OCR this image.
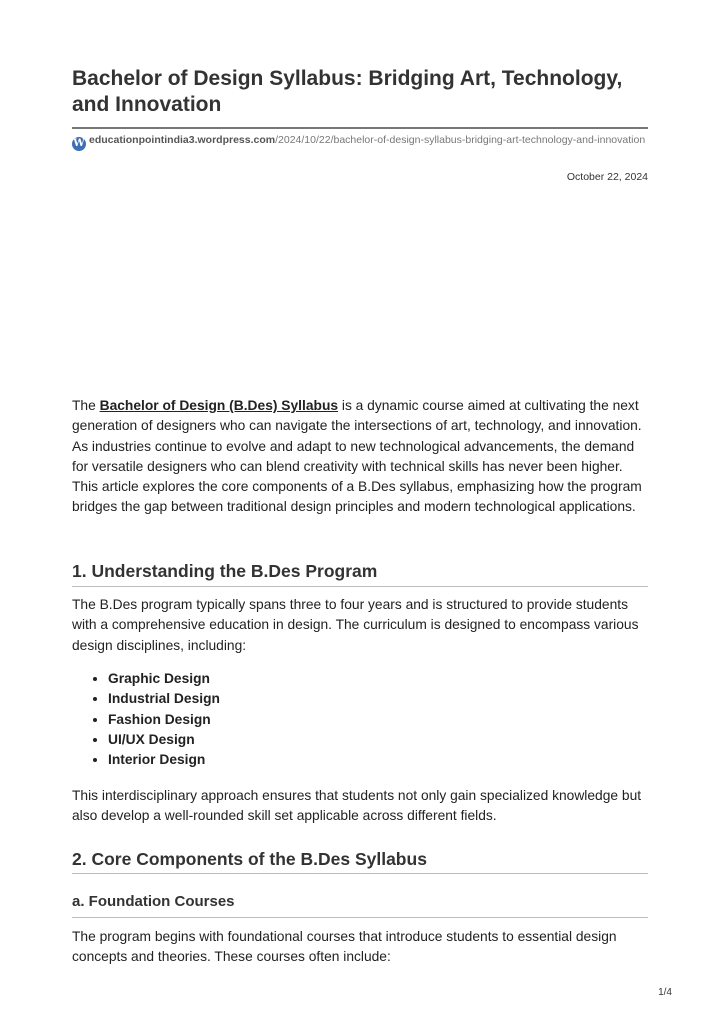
Bachelor of Design Syllabus: Bridging Art, Technology, and Innovation
W educationpointindia3.wordpress.com/2024/10/22/bachelor-of-design-syllabus-bridging-art-technology-and-innovation
October 22, 2024

The Bachelor of Design (B.Des) Syllabus is a dynamic course aimed at cultivating the next generation of designers who can navigate the intersections of art, technology, and innovation. As industries continue to evolve and adapt to new technological advancements, the demand for versatile designers who can blend creativity with technical skills has never been higher. This article explores the core components of a B.Des syllabus, emphasizing how the program bridges the gap between traditional design principles and modern technological applications.

1. Understanding the B.Des Program

The B.Des program typically spans three to four years and is structured to provide students with a comprehensive education in design. The curriculum is designed to encompass various design disciplines, including:

• Graphic Design
• Industrial Design
• Fashion Design
• UI/UX Design
• Interior Design

This interdisciplinary approach ensures that students not only gain specialized knowledge but also develop a well-rounded skill set applicable across different fields.

2. Core Components of the B.Des Syllabus
a. Foundation Courses

The program begins with foundational courses that introduce students to essential design concepts and theories. These courses often include:

1/4
